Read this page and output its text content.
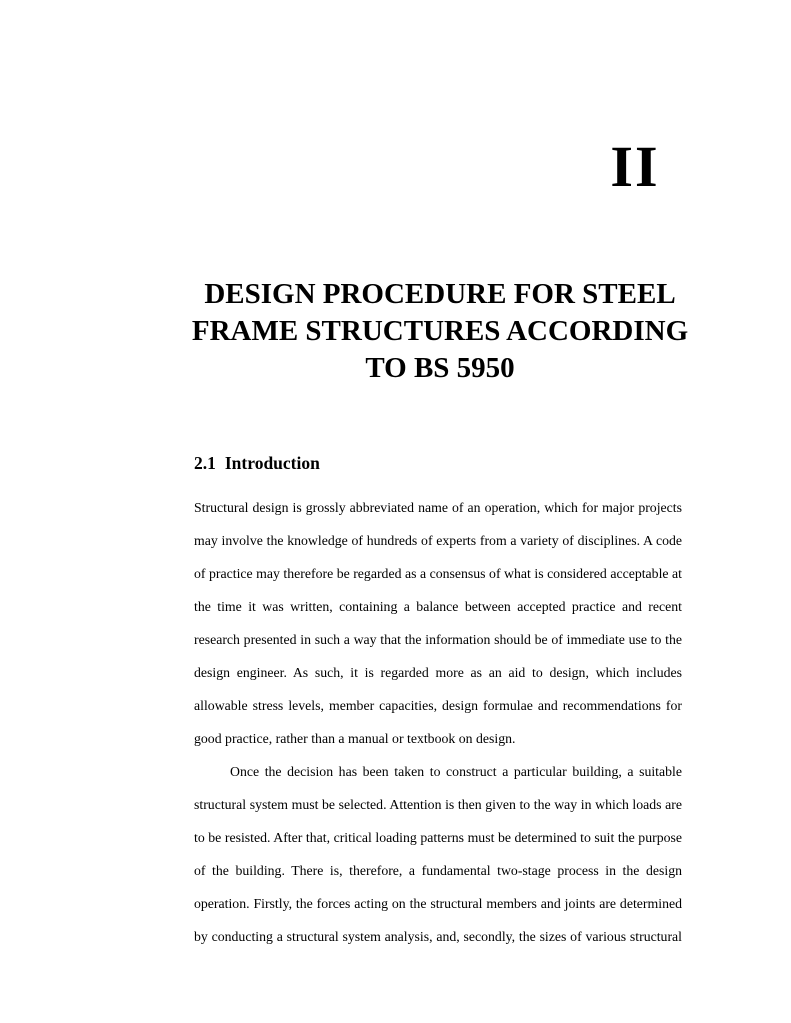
II
DESIGN PROCEDURE FOR STEEL
FRAME STRUCTURES ACCORDING
TO BS 5950
2.1 Introduction
Structural design is grossly abbreviated name of an operation, which for major projects
may involve the knowledge of hundreds of experts from a variety of disciplines. A code
of practice may therefore be regarded as a consensus of what is considered acceptable at
the time it was written, containing a balance between accepted practice and recent
research presented in such a way that the information should be of immediate use to the
design engineer. As such, it is regarded more as an aid to design, which includes
allowable stress levels, member capacities, design formulae and recommendations for
good practice, rather than a manual or textbook on design.
Once the decision has been taken to construct a particular building, a suitable
structural system must be selected. Attention is then given to the way in which loads are
to be resisted. After that, critical loading patterns must be determined to suit the purpose
of the building. There is, therefore, a fundamental two-stage process in the design
operation. Firstly, the forces acting on the structural members and joints are determined
by conducting a structural system analysis, and, secondly, the sizes of various structural
